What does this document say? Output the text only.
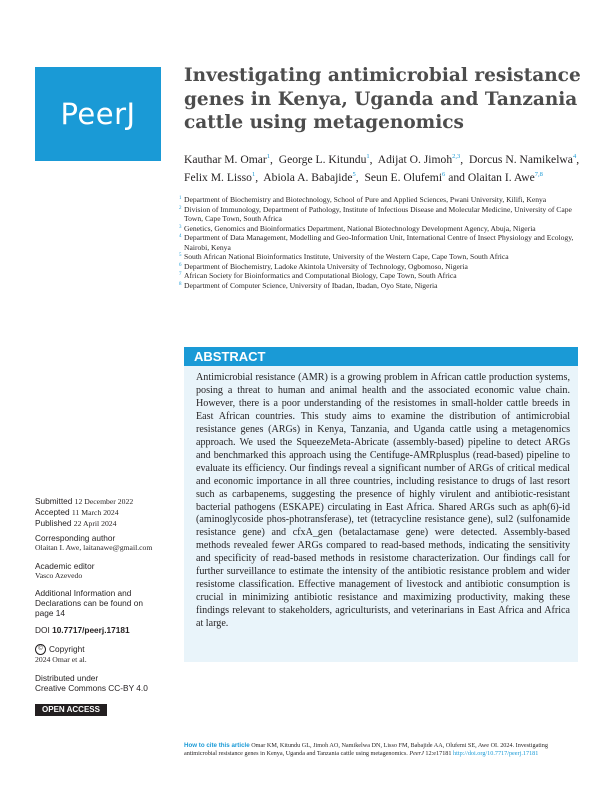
PeerJ
Investigating antimicrobial resistance genes in Kenya, Uganda and Tanzania cattle using metagenomics
Kauthar M. Omar$^1$,  George L. Kitundu$^1$,  Adijat O. Jimoh$^{2,3}$,  Dorcus N. Namikelwa$^4$,  Felix M. Lisso$^1$,  Abiola A. Babajide$^5$,  Seun E. Olufemi$^6$ and Olaitan I. Awe$^{7,8}$
1 Department of Biochemistry and Biotechnology, School of Pure and Applied Sciences, Pwani University, Kilifi, Kenya
2 Division of Immunology, Department of Pathology, Institute of Infectious Disease and Molecular Medicine, University of Cape Town, Cape Town, South Africa
3 Genetics, Genomics and Bioinformatics Department, National Biotechnology Development Agency, Abuja, Nigeria
4 Department of Data Management, Modelling and Geo-Information Unit, International Centre of Insect Physiology and Ecology, Nairobi, Kenya
5 South African National Bioinformatics Institute, University of the Western Cape, Cape Town, South Africa
6 Department of Biochemistry, Ladoke Akintola University of Technology, Ogbomoso, Nigeria
7 African Society for Bioinformatics and Computational Biology, Cape Town, South Africa
8 Department of Computer Science, University of Ibadan, Ibadan, Oyo State, Nigeria
ABSTRACT
Antimicrobial resistance (AMR) is a growing problem in African cattle production systems, posing a threat to human and animal health and the associated economic value chain. However, there is a poor understanding of the resistomes in small-holder cattle breeds in East African countries. This study aims to examine the distribution of antimicrobial resistance genes (ARGs) in Kenya, Tanzania, and Uganda cattle using a metagenomics approach. We used the SqueezeMeta-Abricate (assembly-based) pipeline to detect ARGs and benchmarked this approach using the Centifuge-AMRplusplus (read-based) pipeline to evaluate its efficiency. Our findings reveal a significant number of ARGs of critical medical and economic importance in all three countries, including resistance to drugs of last resort such as carbapenems, suggesting the presence of highly virulent and antibiotic-resistant bacterial pathogens (ESKAPE) circulating in East Africa. Shared ARGs such as aph(6)-id (aminoglycoside phos-photransferase), tet (tetracycline resistance gene), sul2 (sulfonamide resistance gene) and cfxA_gen (betalactamase gene) were detected. Assembly-based methods revealed fewer ARGs compared to read-based methods, indicating the sensitivity and specificity of read-based methods in resistome characterization. Our findings call for further surveillance to estimate the intensity of the antibiotic resistance problem and wider resistome classification. Effective management of livestock and antibiotic consumption is crucial in minimizing antibiotic resistance and maximizing productivity, making these findings relevant to stakeholders, agriculturists, and veterinarians in East Africa and Africa at large.
Submitted 12 December 2022
Accepted 11 March 2024
Published 22 April 2024
Corresponding author
Olaitan I. Awe, laitanawe@gmail.com
Academic editor
Vasco Azevedo
Additional Information and Declarations can be found on page 14
DOI 10.7717/peerj.17181
© Copyright
2024 Omar et al.
Distributed under
Creative Commons CC-BY 4.0
OPEN ACCESS
How to cite this article Omar KM, Kitundu GL, Jimoh AO, Namikelwa DN, Lisso FM, Babajide AA, Olufemi SE, Awe OI. 2024. Investigating antimicrobial resistance genes in Kenya, Uganda and Tanzania cattle using metagenomics. PeerJ 12:e17181 http://doi.org/10.7717/peerj.17181
